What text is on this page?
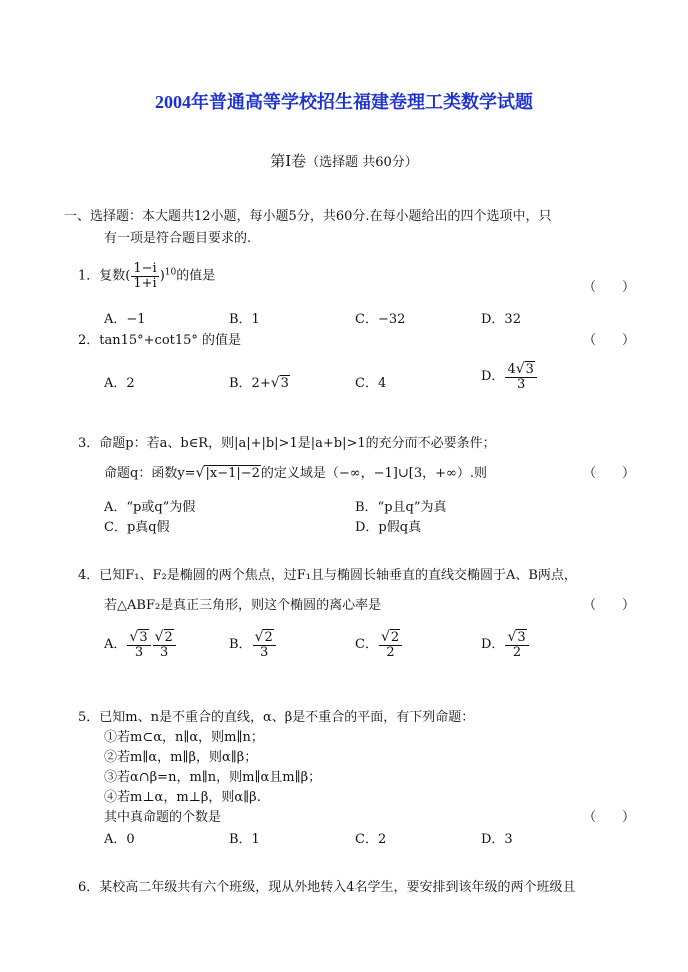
2004年普通高等学校招生福建卷理工类数学试题
第Ⅰ卷（选择题 共60分）
一、选择题：本大题共12小题，每小题5分，共60分.在每小题给出的四个选项中，只
有一项是符合题目要求的.
1．复数( $\frac{1-i}{1+i} )^{10}$的值是
（　　）
A．−1	B．1	C．−32	D．32
2．tan15°+cot15° 的值是	（　　）
A．2	B．2+√3	C．4	D． $\frac{4√3}{3}$
3．命题p：若a、b∈R，则|a|+|b|>1是|a+b|>1的充分而不必要条件；
命题q：函数y=√|x−1|−2的定义域是（−∞，−1]∪[3，+∞）.则	（　　）
A．“p或q”为假	B．“p且q”为真
C．p真q假	D．p假q真
4．已知F₁、F₂是椭圆的两个焦点，过F₁且与椭圆长轴垂直的直线交椭圆于A、B两点，
若△ABF₂是真正三角形，则这个椭圆的离心率是	（　　）
A． $\frac{√3}{3} \frac{√2}{3}$	B． $\frac{√2}{3}$	C． $\frac{√2}{2}$	D． $\frac{√3}{2}$
5．已知m、n是不重合的直线，α、β是不重合的平面，有下列命题：
①若m⊂α，n∥α，则m∥n；
②若m∥α，m∥β，则α∥β；
③若α∩β=n，m∥n，则m∥α且m∥β；
④若m⊥α，m⊥β，则α∥β.
其中真命题的个数是	（　　）
A．0	B．1	C．2	D．3
6．某校高二年级共有六个班级，现从外地转入4名学生，要安排到该年级的两个班级且
